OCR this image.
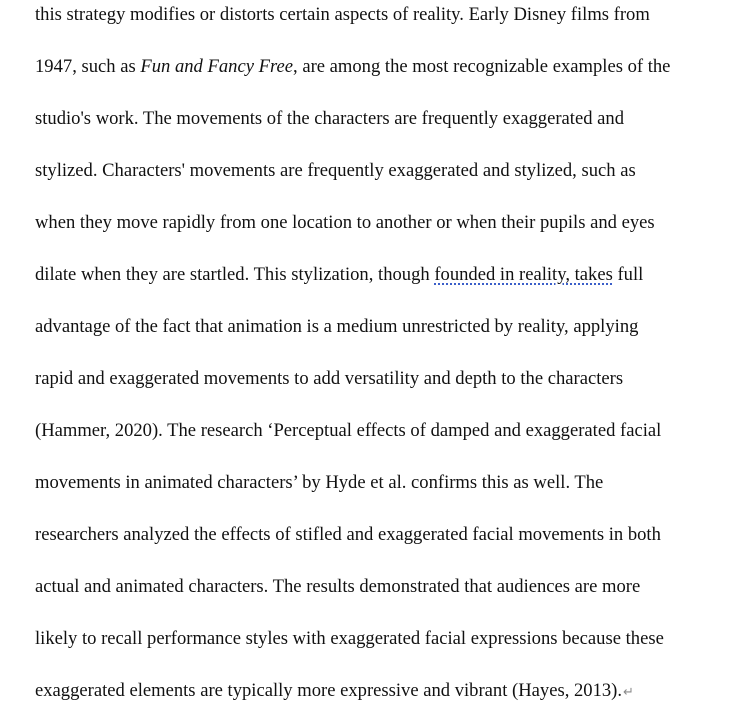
this strategy modifies or distorts certain aspects of reality. Early Disney films from
1947, such as Fun and Fancy Free, are among the most recognizable examples of the
studio's work. The movements of the characters are frequently exaggerated and
stylized. Characters' movements are frequently exaggerated and stylized, such as
when they move rapidly from one location to another or when their pupils and eyes
dilate when they are startled. This stylization, though founded in reality, takes full
advantage of the fact that animation is a medium unrestricted by reality, applying
rapid and exaggerated movements to add versatility and depth to the characters
(Hammer, 2020). The research ‘Perceptual effects of damped and exaggerated facial
movements in animated characters’ by Hyde et al. confirms this as well. The
researchers analyzed the effects of stifled and exaggerated facial movements in both
actual and animated characters. The results demonstrated that audiences are more
likely to recall performance styles with exaggerated facial expressions because these
exaggerated elements are typically more expressive and vibrant (Hayes, 2013).↵
